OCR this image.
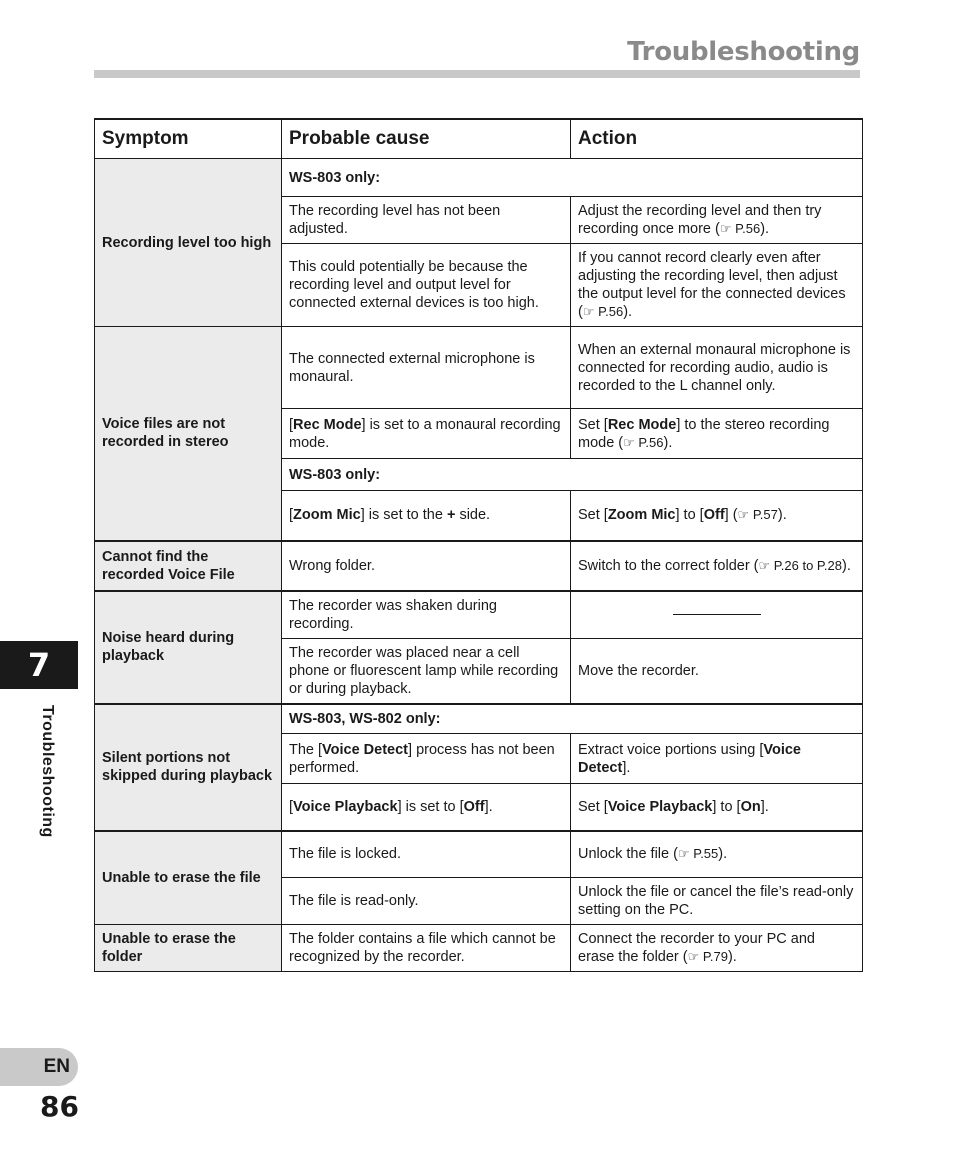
Troubleshooting
Symptom	Probable cause	Action
Recording level too high	WS-803 only:	
	The recording level has not been adjusted.	Adjust the recording level and then try recording once more (☞ P.56).
	This could potentially be because the recording level and output level for connected external devices is too high.	If you cannot record clearly even after adjusting the recording level, then adjust the output level for the connected devices (☞ P.56).
Voice files are not recorded in stereo	The connected external microphone is monaural.	When an external monaural microphone is connected for recording audio, audio is recorded to the L channel only.
	[Rec Mode] is set to a monaural recording mode.	Set [Rec Mode] to the stereo recording mode (☞ P.56).
	WS-803 only:	
	[Zoom Mic] is set to the + side.	Set [Zoom Mic] to [Off] (☞ P.57).
Cannot find the recorded Voice File	Wrong folder.	Switch to the correct folder (☞ P.26 to P.28).
Noise heard during playback	The recorder was shaken during recording.	
	The recorder was placed near a cell phone or fluorescent lamp while recording or during playback.	Move the recorder.
Silent portions not skipped during playback	WS-803, WS-802 only:	
	The [Voice Detect] process has not been performed.	Extract voice portions using [Voice Detect].
	[Voice Playback] is set to [Off].	Set [Voice Playback] to [On].
Unable to erase the file	The file is locked.	Unlock the file (☞ P.55).
	The file is read-only.	Unlock the file or cancel the file’s read-only setting on the PC.
Unable to erase the folder	The folder contains a file which cannot be recognized by the recorder.	Connect the recorder to your PC and erase the folder (☞ P.79).
7
Troubleshooting
EN
86
